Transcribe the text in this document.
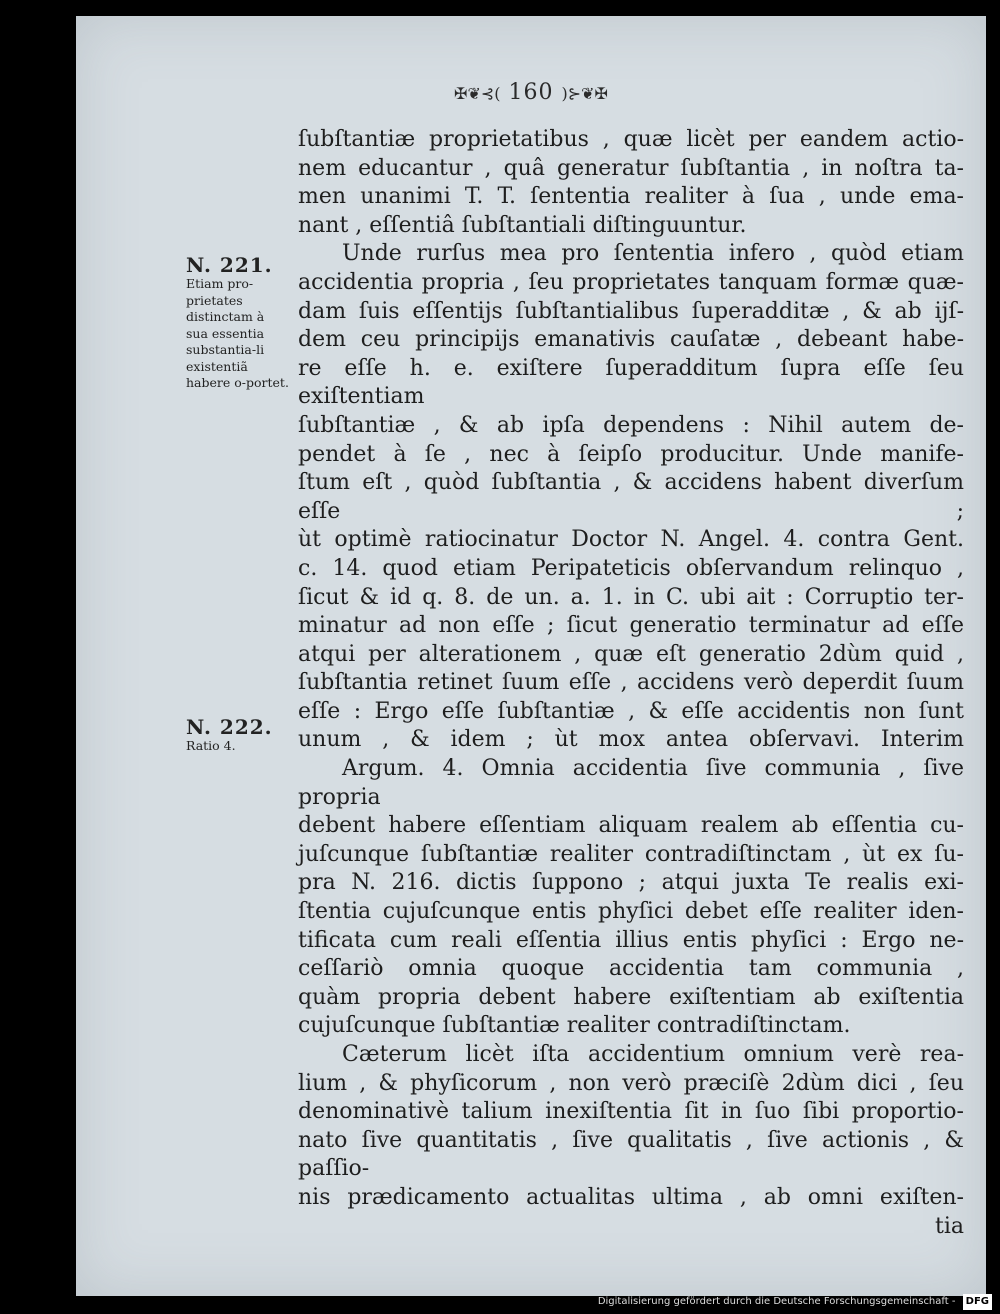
✠❦⊰( 160 )⊱❦✠
N. 221.
Etiam pro-prietates distinctam à sua essentia substantia-li existentiã habere o-portet.
N. 222.
Ratio 4.

ſubſtantiæ proprietatibus , quæ licèt per eandem actio-

nem educantur , quâ generatur ſubſtantia , in noſtra ta-

men unanimi T. T. ſententia realiter à ſua , unde ema-

nant , eſſentiâ ſubſtantiali diſtinguuntur.

Unde rurſus mea pro ſententia infero , quòd etiam

accidentia propria , ſeu proprietates tanquam formæ quæ-

dam ſuis eſſentijs ſubſtantialibus ſuperadditæ , & ab ijſ-

dem ceu principijs emanativis cauſatæ , debeant habe-

re eſſe h. e. exiſtere ſuperadditum ſupra eſſe ſeu exiſtentiam

ſubſtantiæ , & ab ipſa dependens : Nihil autem de-

pendet à ſe , nec à ſeipſo producitur. Unde manife-

ſtum eſt , quòd ſubſtantia , & accidens habent diverſum eſſe ;

ùt optimè ratiocinatur Doctor N. Angel. 4. contra Gent.

c. 14. quod etiam Peripateticis obſervandum relinquo ,

ſicut & id q. 8. de un. a. 1. in C. ubi ait : Corruptio ter-

minatur ad non eſſe ; ſicut generatio terminatur ad eſſe

atqui per alterationem , quæ eſt generatio 2dùm quid ,

ſubſtantia retinet ſuum eſſe , accidens verò deperdit ſuum

eſſe : Ergo eſſe ſubſtantiæ , & eſſe accidentis non ſunt

unum , & idem ; ùt mox antea obſervavi. Interim

Argum. 4. Omnia accidentia ſive communia , ſive propria

debent habere eſſentiam aliquam realem ab eſſentia cu-

juſcunque ſubſtantiæ realiter contradiſtinctam , ùt ex ſu-

pra N. 216. dictis ſuppono ; atqui juxta Te realis exi-

ſtentia cujuſcunque entis phyſici debet eſſe realiter iden-

tificata cum reali eſſentia illius entis phyſici : Ergo ne-

ceſſariò omnia quoque accidentia tam communia ,

quàm propria debent habere exiſtentiam ab exiſtentia

cujuſcunque ſubſtantiæ realiter contradiſtinctam.

Cæterum licèt iſta accidentium omnium verè rea-

lium , & phyſicorum , non verò præciſè 2dùm dici , ſeu

denominativè talium inexiſtentia ſit in ſuo ſibi proportio-

nato ſive quantitatis , ſive qualitatis , ſive actionis , & paſſio-

nis prædicamento actualitas ultima , ab omni exiſten-

tia

Digitalisierung gefördert durch die Deutsche Forschungsgemeinschaft - DFG
